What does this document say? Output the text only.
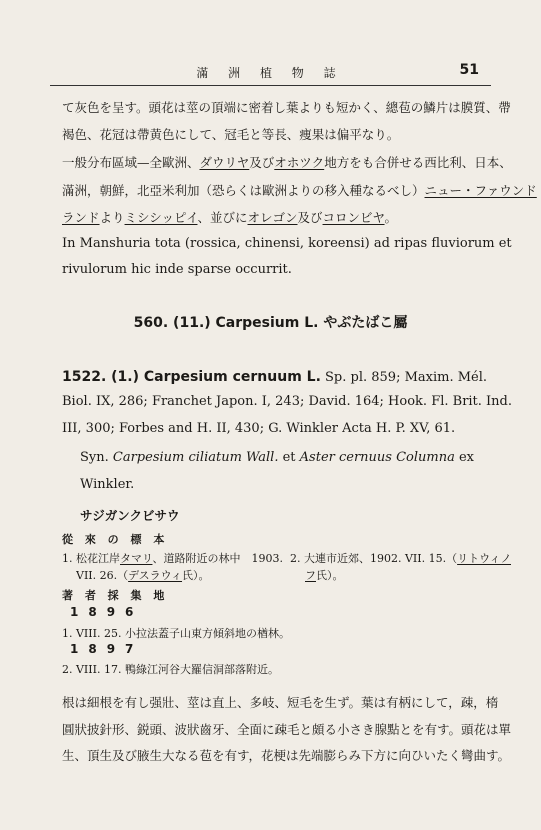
滿 洲 植 物 誌	51
て灰色を呈す。頭花は莖の頂端に密着し葉よりも短かく、總苞の鱗片は膜質、帶
褐色、花冠は帶黄色にして、冠毛と等長、痩果は偏平なり。
一般分布區域—全歐洲、ダウリヤ及びオホツク地方をも合併せる西比利、日本、
滿洲，朝鮮，北亞米利加（恐らくは歐洲よりの移入種なるべし）ニュー・ファウンド
ランドよりミシシッピイ、並びにオレゴン及びコロンビヤ。
In Manshuria tota (rossica, chinensi, koreensi) ad ripas fluviorum et
rivulorum hic inde sparse occurrit.
560. (11.) Carpesium L. やぶたばこ屬
1522. (1.) Carpesium cernuum L. Sp. pl. 859; Maxim. Mél.
Biol. IX, 286; Franchet Japon. I, 243; David. 164; Hook. Fl. Brit. Ind.
III, 300; Forbes and H. II, 430; G. Winkler Acta H. P. XV, 61.
Syn. Carpesium ciliatum Wall. et Aster cernuus Columna ex
Winkler.
サジガンクビサウ
從 來 の 標 本
1. 松花江岸タマリ、道路附近の林中　1903.
VII. 26.（デスラウィ氏）。
2. 大連市近郊、1902. VII. 15.（リトウィノ
フ氏）。
著 者 採 集 地
1896
1. VIII. 25. 小拉法蓋子山東方傾斜地の楢林。
1897
2. VIII. 17. 鴨綠江河谷大羅信洞部落附近。
根は細根を有し强壯、莖は直上、多岐、短毛を生ず。葉は有柄にして，疎，楕
圓狀披針形、鋭頭、波狀齒牙、全面に疎毛と頗る小さき腺點とを有す。頭花は單
生、頂生及び腋生大なる苞を有す，花梗は先端膨らみ下方に向ひいたく彎曲す。
